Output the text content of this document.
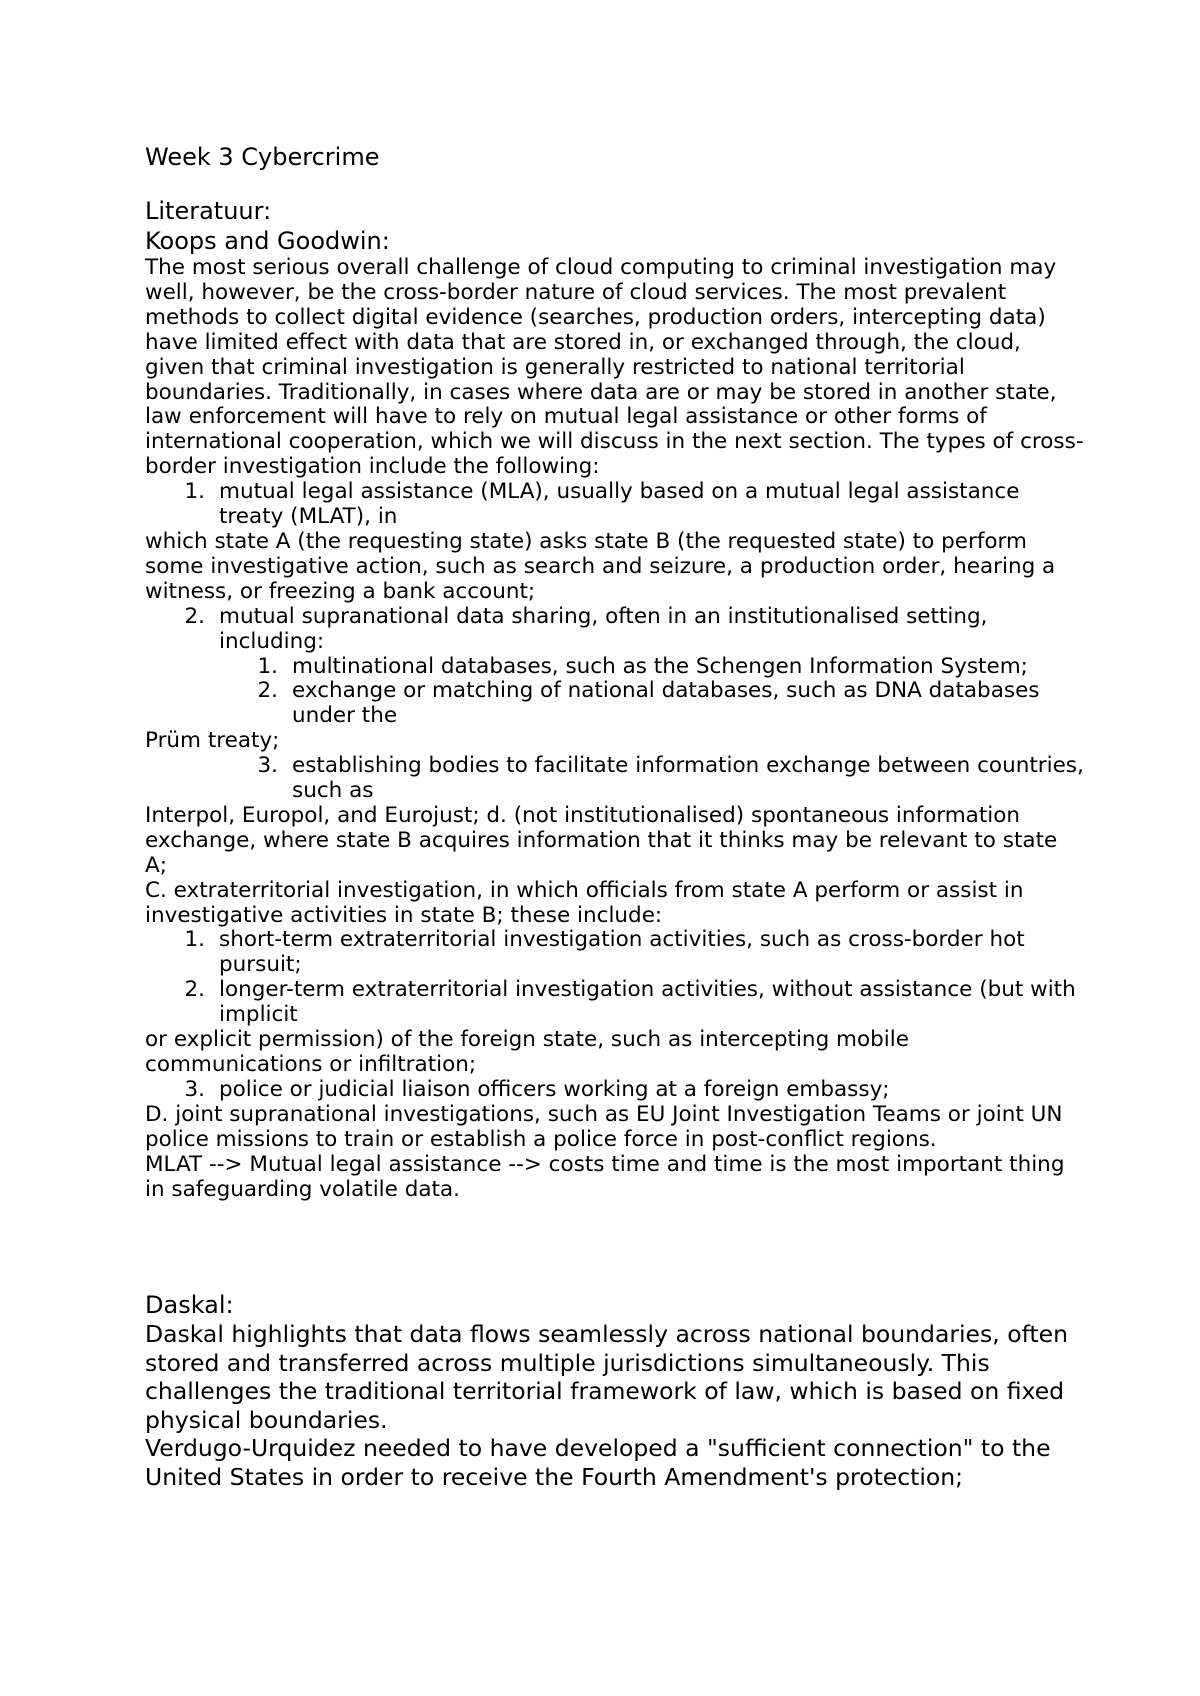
Week 3 Cybercrime
Literatuur:
Koops and Goodwin:
The most serious overall challenge of cloud computing to criminal investigation may well, however, be the cross-border nature of cloud services. The most prevalent methods to collect digital evidence (searches, production orders, intercepting data) have limited effect with data that are stored in, or exchanged through, the cloud, given that criminal investigation is generally restricted to national territorial boundaries. Traditionally, in cases where data are or may be stored in another state, law enforcement will have to rely on mutual legal assistance or other forms of international cooperation, which we will discuss in the next section. The types of cross-border investigation include the following:
1. mutual legal assistance (MLA), usually based on a mutual legal assistance treaty (MLAT), in
which state A (the requesting state) asks state B (the requested state) to perform some investigative action, such as search and seizure, a production order, hearing a witness, or freezing a bank account;
2. mutual supranational data sharing, often in an institutionalised setting, including:
1. multinational databases, such as the Schengen Information System;
2. exchange or matching of national databases, such as DNA databases under the
Prüm treaty;
3. establishing bodies to facilitate information exchange between countries, such as
Interpol, Europol, and Eurojust; d. (not institutionalised) spontaneous information exchange, where state B acquires information that it thinks may be relevant to state A;
C. extraterritorial investigation, in which officials from state A perform or assist in investigative activities in state B; these include:
1. short-term extraterritorial investigation activities, such as cross-border hot pursuit;
2. longer-term extraterritorial investigation activities, without assistance (but with implicit
or explicit permission) of the foreign state, such as intercepting mobile communications or infiltration;
3. police or judicial liaison officers working at a foreign embassy;
D. joint supranational investigations, such as EU Joint Investigation Teams or joint UN police missions to train or establish a police force in post-conflict regions.
MLAT --> Mutual legal assistance --> costs time and time is the most important thing in safeguarding volatile data.
Daskal:
Daskal highlights that data flows seamlessly across national boundaries, often stored and transferred across multiple jurisdictions simultaneously. This challenges the traditional territorial framework of law, which is based on fixed physical boundaries.
Verdugo-Urquidez needed to have developed a "sufficient connection" to the United States in order to receive the Fourth Amendment's protection;
